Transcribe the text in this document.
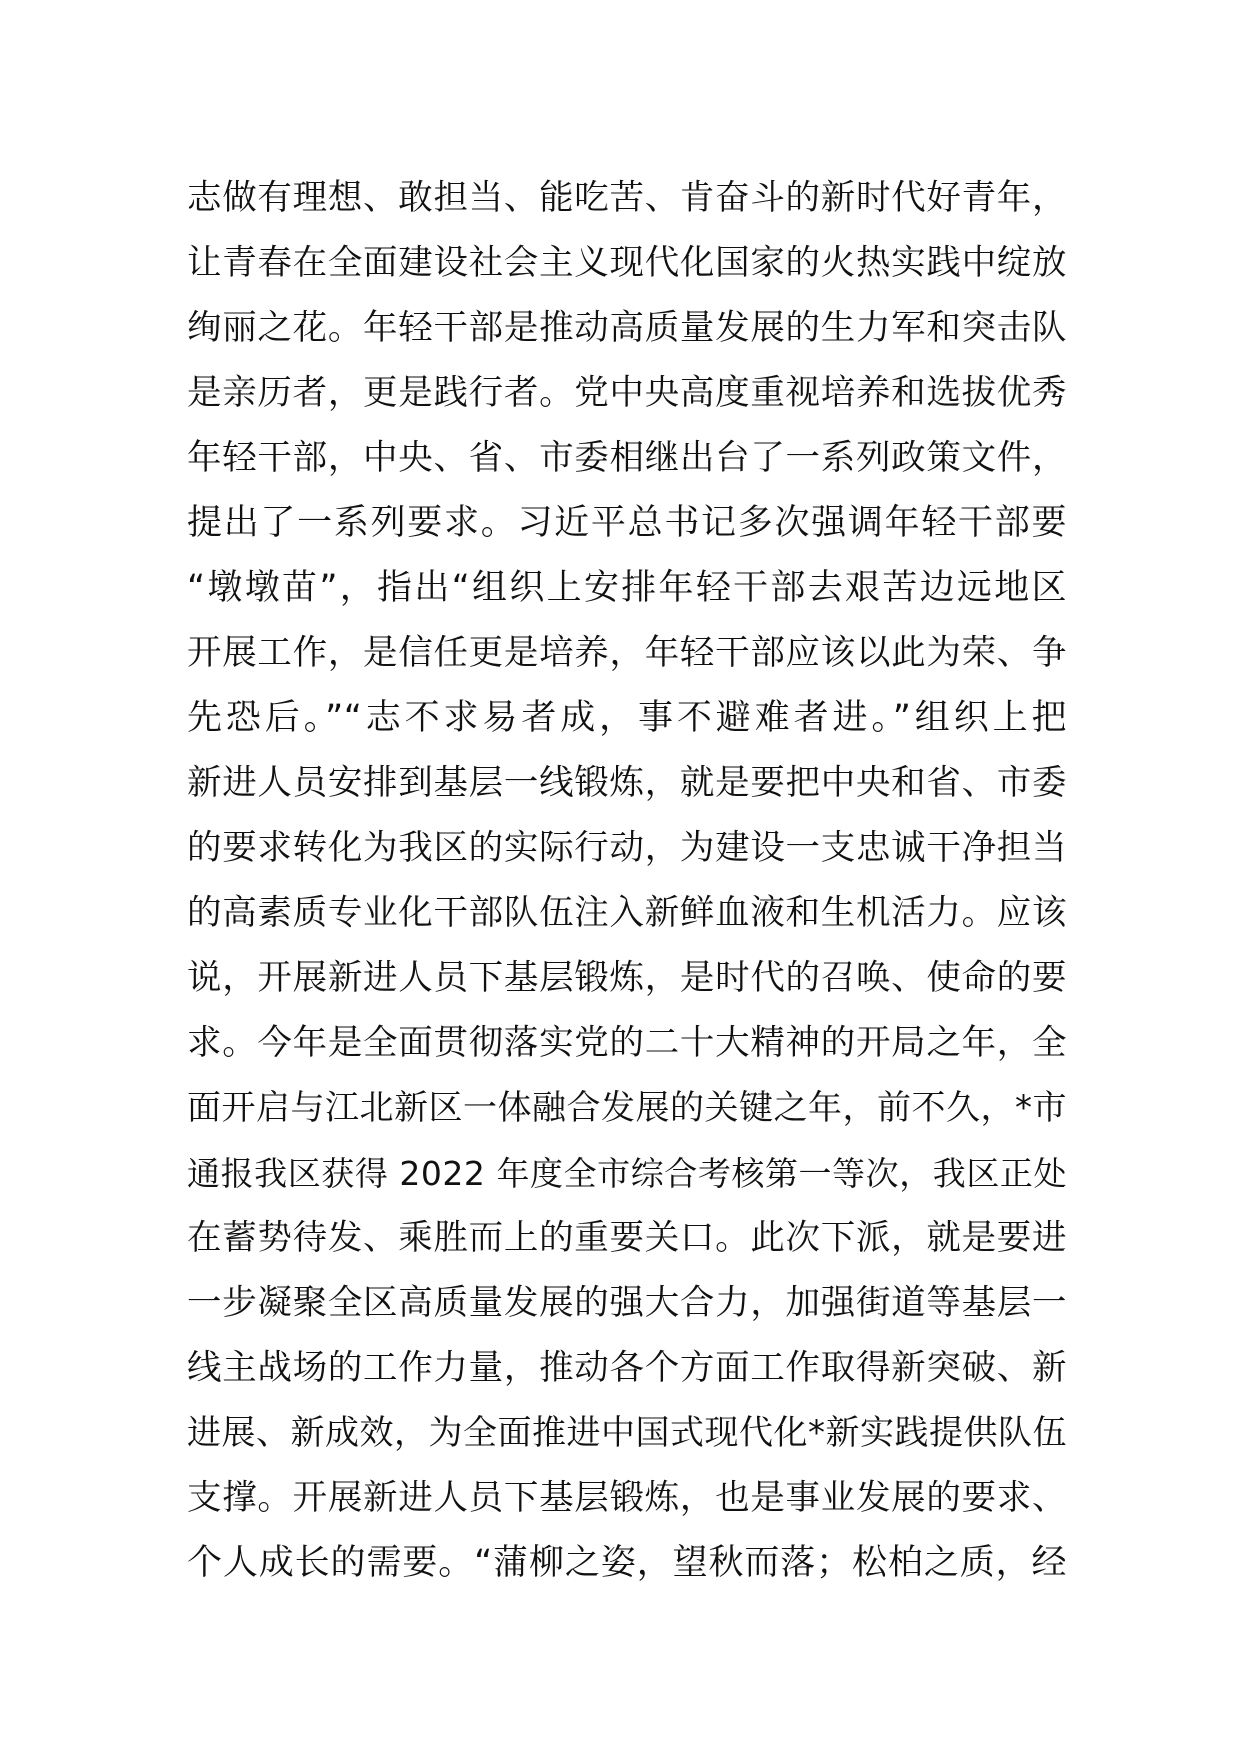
志做有理想、敢担当、能吃苦、肯奋斗的新时代好青年，
让青春在全面建设社会主义现代化国家的火热实践中绽放
绚丽之花。年轻干部是推动高质量发展的生力军和突击队
是亲历者，更是践行者。党中央高度重视培养和选拔优秀
年轻干部，中央、省、市委相继出台了一系列政策文件，
提出了一系列要求。习近平总书记多次强调年轻干部要
“墩墩苗”，指出“组织上安排年轻干部去艰苦边远地区
开展工作，是信任更是培养，年轻干部应该以此为荣、争
先恐后。”“志不求易者成，事不避难者进。”组织上把
新进人员安排到基层一线锻炼，就是要把中央和省、市委
的要求转化为我区的实际行动，为建设一支忠诚干净担当
的高素质专业化干部队伍注入新鲜血液和生机活力。应该
说，开展新进人员下基层锻炼，是时代的召唤、使命的要
求。今年是全面贯彻落实党的二十大精神的开局之年，全
面开启与江北新区一体融合发展的关键之年，前不久，*市
通报我区获得 2022 年度全市综合考核第一等次，我区正处
在蓄势待发、乘胜而上的重要关口。此次下派，就是要进
一步凝聚全区高质量发展的强大合力，加强街道等基层一
线主战场的工作力量，推动各个方面工作取得新突破、新
进展、新成效，为全面推进中国式现代化*新实践提供队伍
支撑。开展新进人员下基层锻炼，也是事业发展的要求、
个人成长的需要。“蒲柳之姿，望秋而落；松柏之质，经
